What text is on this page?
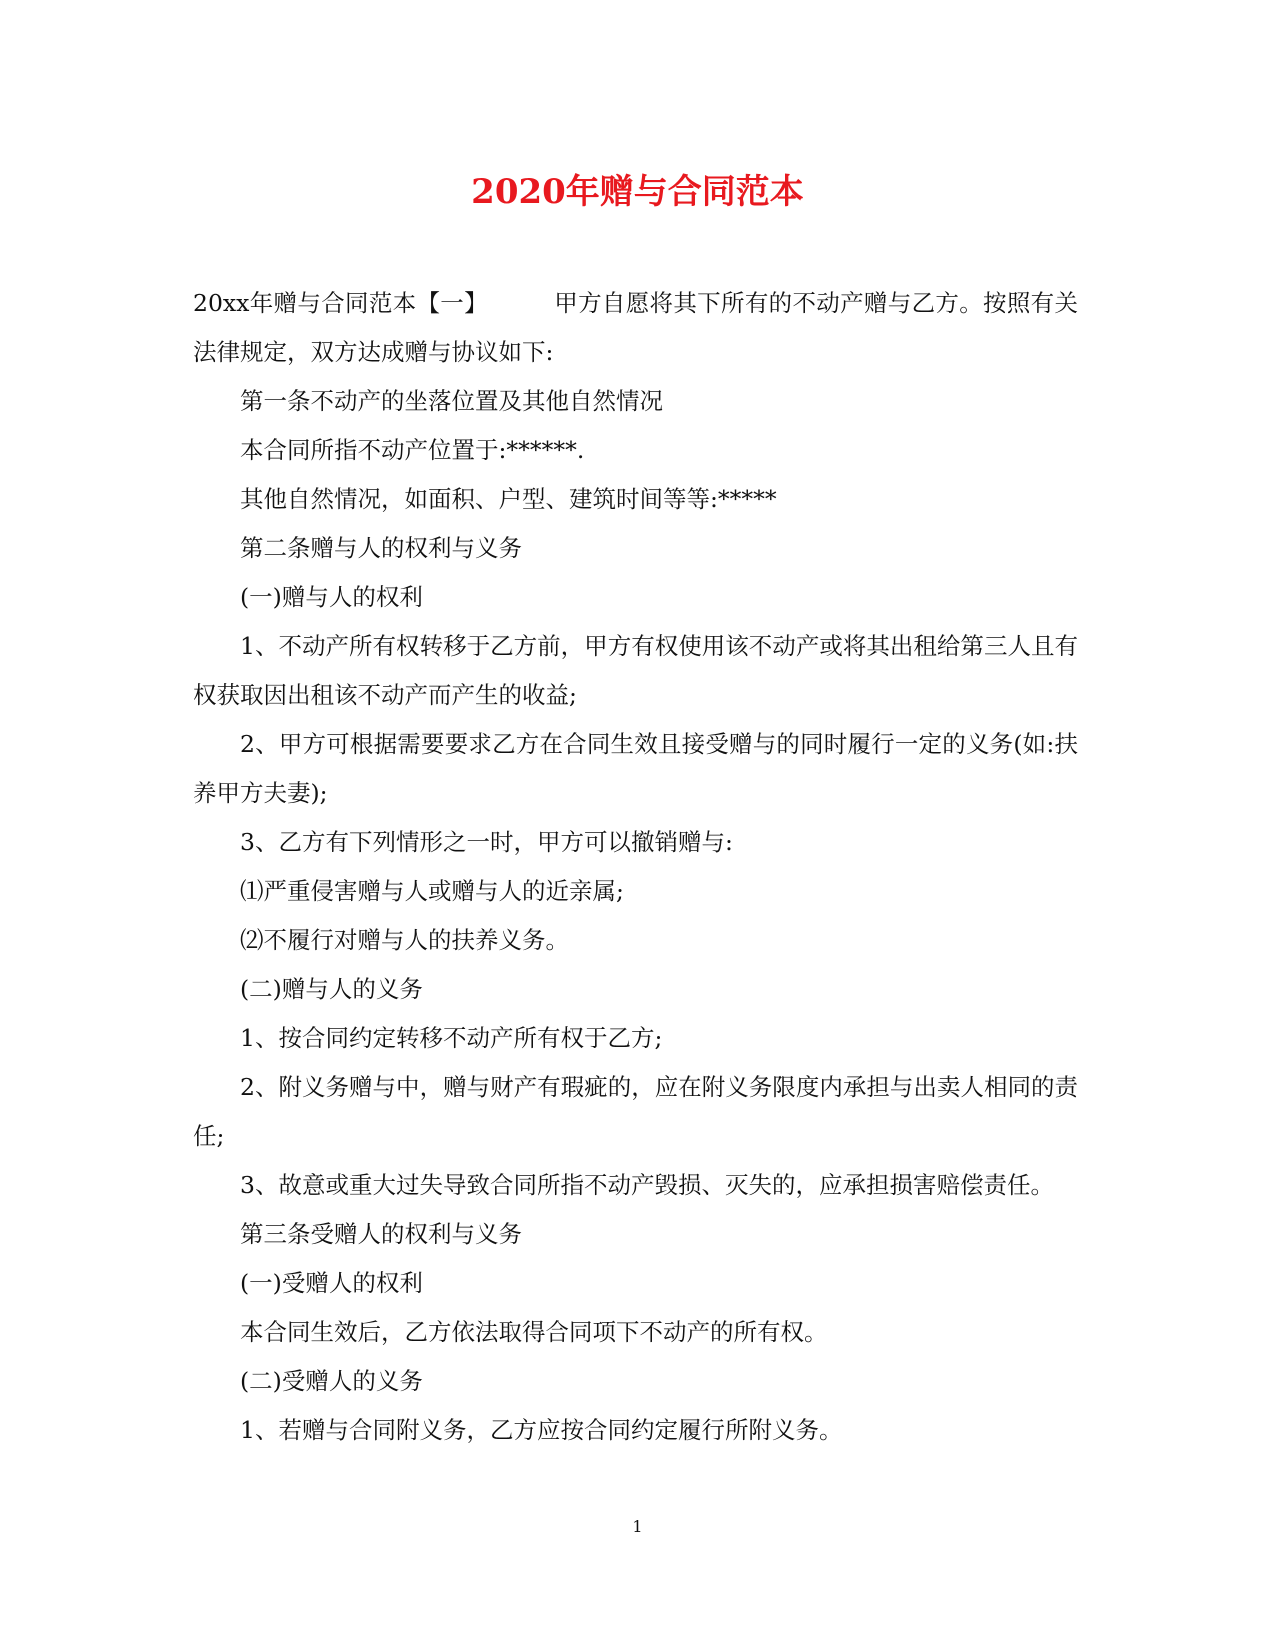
2020年赠与合同范本

20xx年赠与合同范本【一】	甲方自愿将其下所有的不动产赠与乙方。按照有关法律规定，双方达成赠与协议如下:

第一条不动产的坐落位置及其他自然情况

本合同所指不动产位置于:******.

其他自然情况，如面积、户型、建筑时间等等:*****

第二条赠与人的权利与义务

(一)赠与人的权利

1、不动产所有权转移于乙方前，甲方有权使用该不动产或将其出租给第三人且有权获取因出租该不动产而产生的收益;

2、甲方可根据需要要求乙方在合同生效且接受赠与的同时履行一定的义务(如:扶养甲方夫妻);

3、乙方有下列情形之一时，甲方可以撤销赠与:

⑴严重侵害赠与人或赠与人的近亲属;

⑵不履行对赠与人的扶养义务。

(二)赠与人的义务

1、按合同约定转移不动产所有权于乙方;

2、附义务赠与中，赠与财产有瑕疵的，应在附义务限度内承担与出卖人相同的责任;

3、故意或重大过失导致合同所指不动产毁损、灭失的，应承担损害赔偿责任。

第三条受赠人的权利与义务

(一)受赠人的权利

本合同生效后，乙方依法取得合同项下不动产的所有权。

(二)受赠人的义务

1、若赠与合同附义务，乙方应按合同约定履行所附义务。

1
